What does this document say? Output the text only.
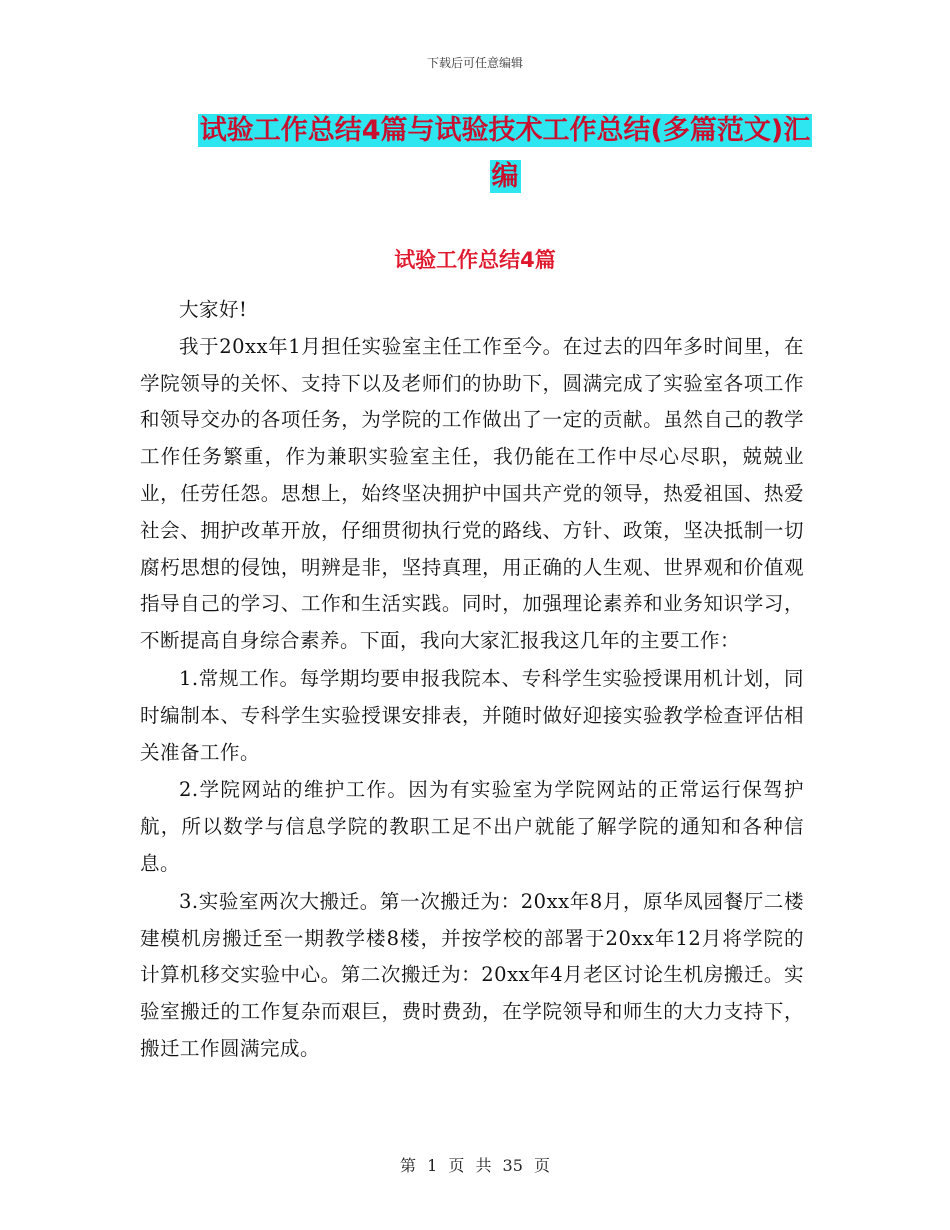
下载后可任意编辑
试验工作总结4篇与试验技术工作总结(多篇范文)汇
编
试验工作总结4篇

大家好!

我于20xx年1月担任实验室主任工作至今。在过去的四年多时间里，在学院领导的关怀、支持下以及老师们的协助下，圆满完成了实验室各项工作和领导交办的各项任务，为学院的工作做出了一定的贡献。虽然自己的教学工作任务繁重，作为兼职实验室主任，我仍能在工作中尽心尽职，兢兢业业，任劳任怨。思想上，始终坚决拥护中国共产党的领导，热爱祖国、热爱社会、拥护改革开放，仔细贯彻执行党的路线、方针、政策，坚决抵制一切腐朽思想的侵蚀，明辨是非，坚持真理，用正确的人生观、世界观和价值观指导自己的学习、工作和生活实践。同时，加强理论素养和业务知识学习，不断提高自身综合素养。下面，我向大家汇报我这几年的主要工作：

1.常规工作。每学期均要申报我院本、专科学生实验授课用机计划，同时编制本、专科学生实验授课安排表，并随时做好迎接实验教学检查评估相关准备工作。

2.学院网站的维护工作。因为有实验室为学院网站的正常运行保驾护航，所以数学与信息学院的教职工足不出户就能了解学院的通知和各种信息。

3.实验室两次大搬迁。第一次搬迁为：20xx年8月，原华凤园餐厅二楼建模机房搬迁至一期教学楼8楼，并按学校的部署于20xx年12月将学院的计算机移交实验中心。第二次搬迁为：20xx年4月老区讨论生机房搬迁。实验室搬迁的工作复杂而艰巨，费时费劲，在学院领导和师生的大力支持下，搬迁工作圆满完成。

第 1 页 共 35 页
